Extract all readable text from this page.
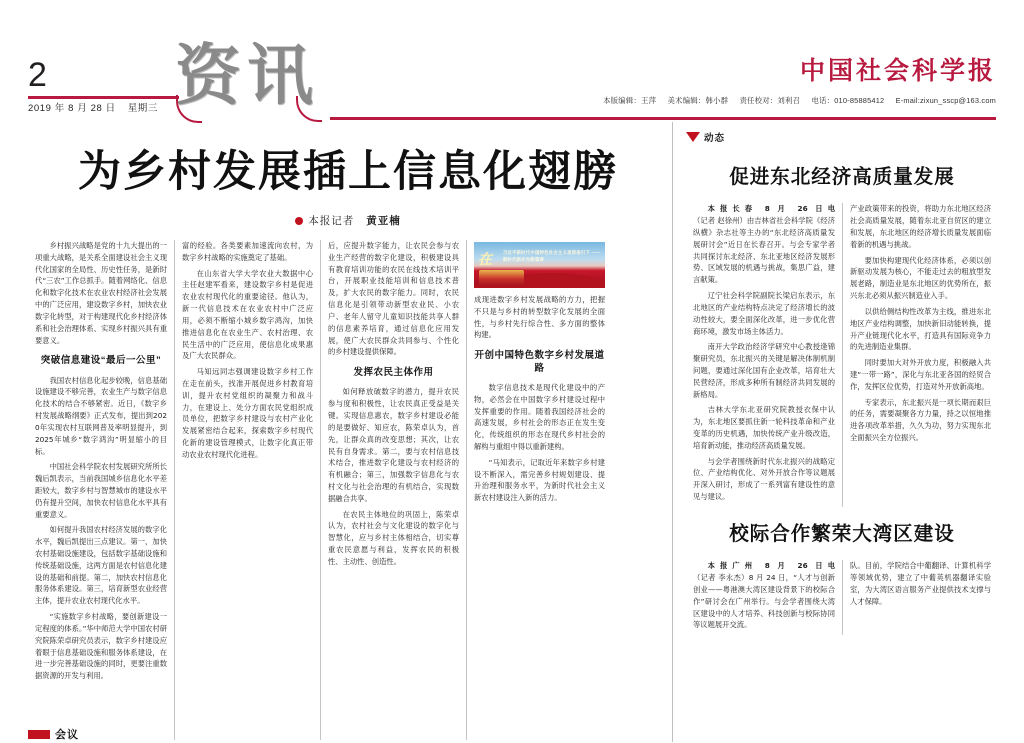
2
2019 年 8 月 28 日 星期三 资讯	中国社会科学报
本版编辑：王萍 美术编辑：韩小群 责任校对：刘利召 电话：010-85885412 E-mail:zixun_sscp@163.com
为乡村发展插上信息化翅膀
本报记者 黄亚楠

乡村振兴战略是党的十九大提出的一项重大战略，是关系全面建设社会主义现代化国家的全局性、历史性任务，是新时代“三农”工作总抓手。随着网络化、信息化和数字化技术在农业农村经济社会发展中的广泛应用，建设数字乡村，加快农业数字化转型，对于构建现代化乡村经济体系和社会治理体系、实现乡村振兴具有重要意义。

突破信息建设“最后一公里”

我国农村信息化起步较晚，信息基础设施建设不够完善，农业生产与数字信息化技术的结合不够紧密。近日，《数字乡村发展战略纲要》正式发布，提出到2020年实现农村互联网普及率明显提升，到2025年城乡“数字鸿沟”明显缩小的目标。

中国社会科学院农村发展研究所所长魏后凯表示，当前我国城乡信息化水平差距较大，数字乡村与智慧城市的建设水平仍有提升空间，加快农村信息化水平具有重要意义。

如何提升我国农村经济发展的数字化水平，魏后凯提出三点建议。第一，加快农村基础设施建设，包括数字基础设施和传统基础设施，这两方面是农村信息化建设的基础和前提。第二，加快农村信息化服务体系建设。第三，培育新型农业经营主体，提升农业农村现代化水平。

“实施数字乡村战略，要创新建设一定程度的体系。”华中师范大学中国农村研究院陈荣卓研究员表示，数字乡村建设应着眼于信息基础设施和服务体系建设，在进一步完善基础设施的同时，更要注重数据资源的开发与利用。

富的经验。各类要素加速流向农村，为数字乡村战略的实施奠定了基础。

在山东省大学大学农业大数据中心主任赵建军看来，建设数字乡村是促进农业农村现代化的重要途径。他认为，新一代信息技术在农业农村中广泛应用，必须不断缩小城乡数字鸿沟，加快推进信息化在农业生产、农村治理、农民生活中的广泛应用，使信息化成果惠及广大农民群众。

马知远同志强调建设数字乡村工作在走在前头，找准开展促进乡村教育培训，提升农村党组织的凝聚力和战斗力，在建设上、处分方面农民党组织成员单位，把数字乡村建设与农村产业化发展紧密结合起来，探索数字乡村现代化新的建设管理模式，让数字化真正带动农业农村现代化进程。

后，应提升数字能力，让农民会参与农业生产经营的数字化建设，积极建设具有教育培训功能的农民在线技术培训平台，开展职业技能培训和信息技术普及，扩大农民的数字能力。同时，农民信息化是引领带动新型农业民、小农户、老年人留守儿童知识技能共享人群的信息素养培育，通过信息化应用发展，使广大农民群众共同参与、个性化的乡村建设提供保障。

发挥农民主体作用

如何释放破数字的潜力，提升农民参与度和积极性，让农民真正受益是关键。实现信息惠农，数字乡村建设必能的是要做好、知应农，陈荣卓认为，首先，让群众真的改变思想；其次，让农民有自身需求。第二，要与农村信息技术结合，推进数字化建设与农村经济的有机融合；第三，加强数字信息化与农村文化与社会治理的有机结合，实现数据融合共享。

在农民主体地位的巩固上，陈荣卓认为，农村社会与文化建设的数字化与智慧化，应与乡村主体相结合，切实尊重农民意愿与利益，发挥农民的积极性、主动性、创造性。

在 习近平新时代中国特色社会主义思想指引下 —— 新时代新作为新篇章

成现进数字乡村发展战略的方力，把握不只是与乡村的转型数字化发展的全面性，与乡村先行综合性、多方面的整体构建。

开创中国特色数字乡村发展道路

数字信息技术是现代化建设中的产物，必然会在中国数字乡村建设过程中发挥重要的作用。随着我国经济社会的高速发展，乡村社会的形态正在发生变化，传统组织的形态在现代乡村社会的解构与重组中得以重新建构。

“马知表示，记取近年来数字乡村建设不断深入，需完善乡村规划建设、提升治理和服务水平，为新时代社会主义新农村建设注入新的活力。

会议
动态
促进东北经济高质量发展

本报长春 8 月 26 日电（记者 赵徐州）由吉林省社会科学院《经济纵横》杂志社等主办的“东北经济高质量发展研讨会”近日在长春召开。与会专家学者共同探讨东北经济、东北亚地区经济发展形势、区域发展的机遇与挑战，集思广益，建言献策。

辽宁社会科学院副院长梁启东表示，东北地区的产业结构特点决定了经济增长的波动性较大，要全面深化改革，进一步优化营商环境，激发市场主体活力。

南开大学政治经济学研究中心教授逄锦聚研究员，东北振兴的关键是解决体制机制问题，要通过深化国有企业改革，培育壮大民营经济，形成多种所有制经济共同发展的新格局。

吉林大学东北亚研究院教授衣保中认为，东北地区要抓住新一轮科技革命和产业变革的历史机遇，加快传统产业升级改造，培育新动能，推动经济高质量发展。

与会学者围绕新时代东北振兴的战略定位、产业结构优化、对外开放合作等议题展开深入研讨，形成了一系列富有建设性的意见与建议。

产业政策带来的投资，将助力东北地区经济社会高质量发展，随着东北亚自贸区的建立和发展，东北地区的经济增长质量发展面临着新的机遇与挑战。

要加快构建现代化经济体系，必须以创新驱动发展为核心，不能走过去的粗放型发展老路，制造业是东北地区的优势所在，振兴东北必须从振兴制造业入手。

以供给侧结构性改革为主线，推进东北地区产业结构调整，加快新旧动能转换，提升产业链现代化水平，打造具有国际竞争力的先进制造业集群。

同时要加大对外开放力度，积极融入共建“一带一路”，深化与东北亚各国的经贸合作，发挥区位优势，打造对外开放新高地。

专家表示，东北振兴是一项长期而艰巨的任务，需要凝聚各方力量，持之以恒地推进各项改革举措，久久为功，努力实现东北全面振兴全方位振兴。

校际合作繁荣大湾区建设

本报广州 8 月 26 日电（记者 李永杰）8 月 24 日，“人才与创新创业——粤港澳大湾区建设背景下的校际合作”研讨会在广州举行。与会学者围绕大湾区建设中的人才培养、科技创新与校际协同等议题展开交流。

队。目前，学院结合中葡翻译、计算机科学等领域优势，建立了中葡英机器翻译实验室，为大湾区语言服务产业提供技术支撑与人才保障。
